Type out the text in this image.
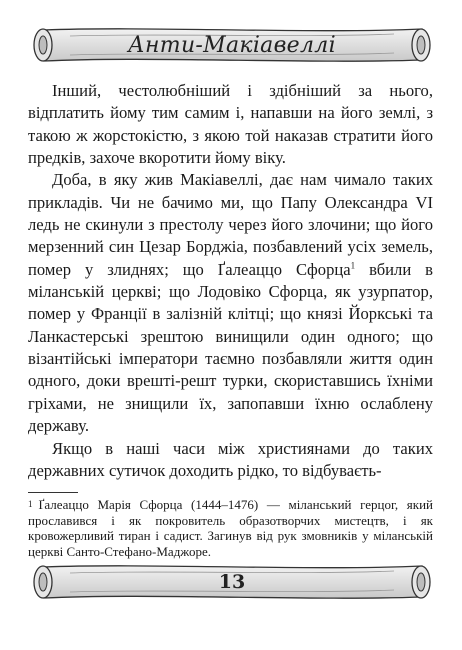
Анти-Макіавеллі

Інший, честолюбніший і здібніший за нього, відплатить йому тим самим і, напавши на його землі, з такою ж жорстокістю, з якою той наказав стратити його предків, захоче вкоротити йому віку.

Доба, в яку жив Макіавеллі, дає нам чимало таких прикладів. Чи не бачимо ми, що Папу Олександра VI ледь не скинули з престолу через його злочини; що його мерзенний син Цезар Борджіа, позбавлений усіх земель, помер у злиднях; що Ґалеаццо Сфорца$^1$ вбили в міланській церкві; що Лодовіко Сфорца, як узурпатор, помер у Франції в залізній клітці; що князі Йоркські та Ланкастерські зрештою винищили один одного; що візантійські імператори таємно позбавляли життя один одного, доки врешті-решт турки, скориставшись їхніми гріхами, не знищили їх, запопавши їхню ослаблену державу.

Якщо в наші часи між християнами до таких державних сутичок доходить рідко, то відбуваєть-

$^1$ Ґалеаццо Марія Сфорца (1444–1476) — міланський герцог, який прославився і як покровитель образотворчих мистецтв, і як кровожерливий тиран і садист. Загинув від рук змовників у міланській церкві Санто-Стефано-Маджоре.

13
